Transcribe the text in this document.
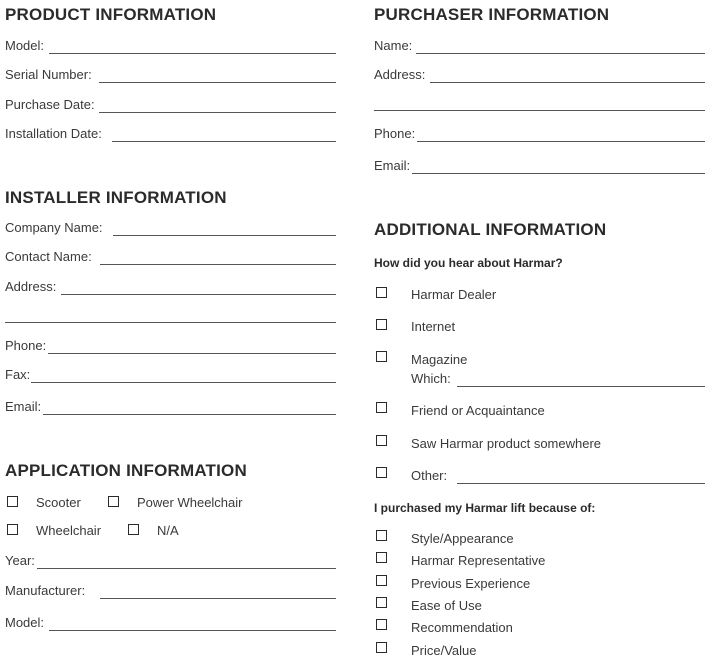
PRODUCT INFORMATION
Model:
Serial Number:
Purchase Date:
Installation Date:
INSTALLER INFORMATION
Company Name:
Contact Name:
Address:
Phone:
Fax:
Email:
APPLICATION INFORMATION
Scooter	Power Wheelchair
Wheelchair	N/A
Year:
Manufacturer:
Model:
PURCHASER INFORMATION
Name:
Address:
Phone:
Email:
ADDITIONAL INFORMATION
How did you hear about Harmar?
Harmar Dealer
Internet
Magazine
Which:
Friend or Acquaintance
Saw Harmar product somewhere
Other:
I purchased my Harmar lift because of:
Style/Appearance
Harmar Representative
Previous Experience
Ease of Use
Recommendation
Price/Value
